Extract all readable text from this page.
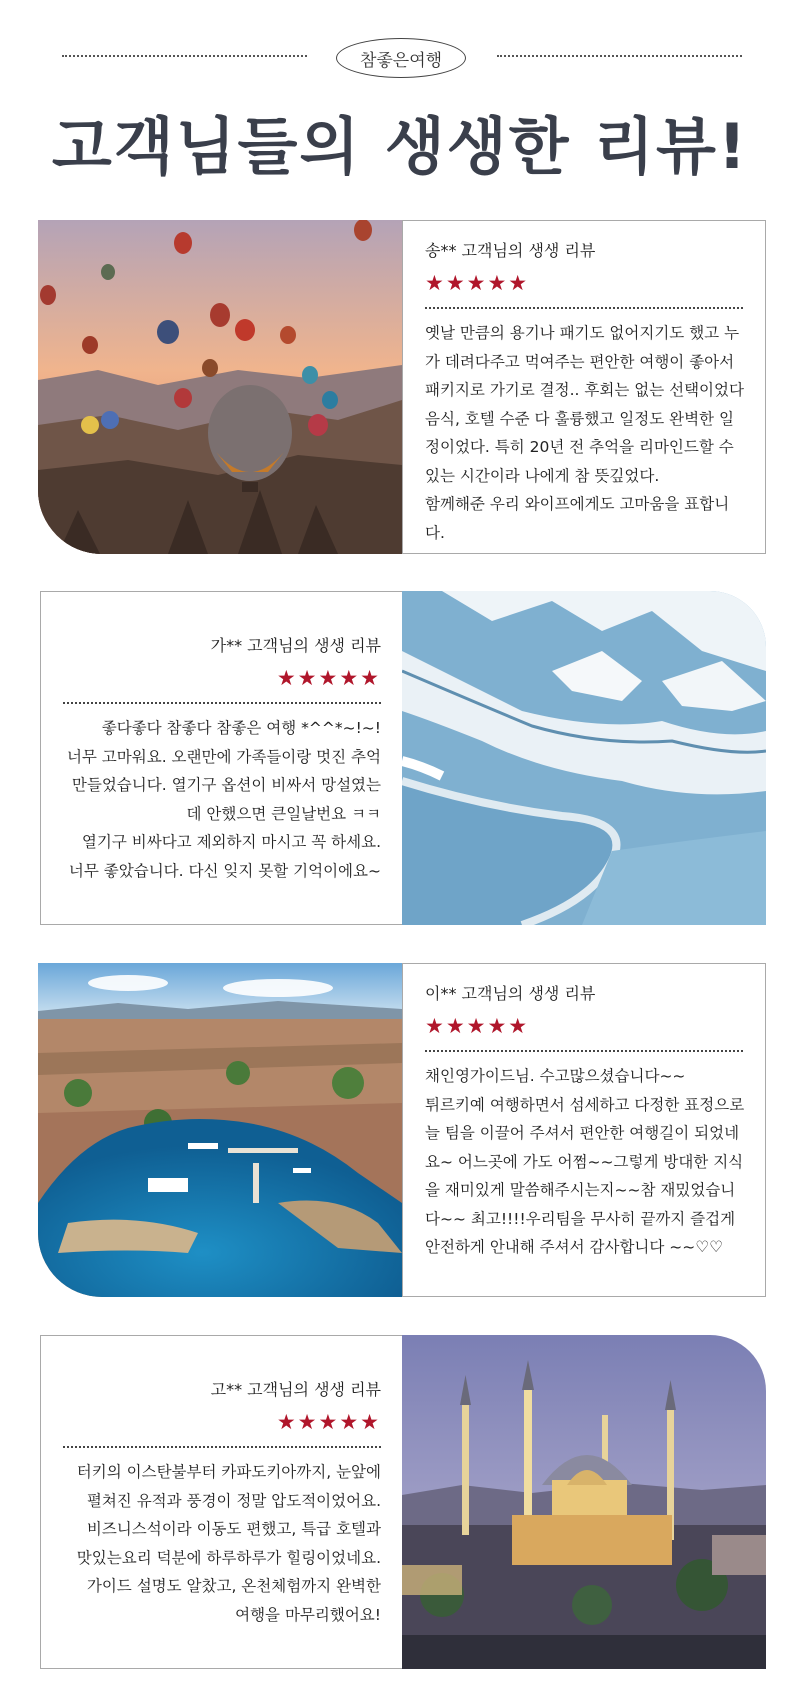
참좋은여행
고객님들의 생생한 리뷰!
송** 고객님의 생생 리뷰
★★★★★
옛날 만큼의 용기나 패기도 없어지기도 했고 누
가 데려다주고 먹여주는 편안한 여행이 좋아서
패키지로 가기로 결정.. 후회는 없는 선택이었다
음식, 호텔 수준 다 훌륭했고 일정도 완벽한 일
정이었다. 특히 20년 전 추억을 리마인드할 수
있는 시간이라 나에게 참 뜻깊었다.
함께해준 우리 와이프에게도 고마움을 표합니
다.
가** 고객님의 생생 리뷰
★★★★★
좋다좋다 참좋다 참좋은 여행 *^^*~!~!
너무 고마워요. 오랜만에 가족들이랑 멋진 추억
만들었습니다. 열기구 옵션이 비싸서 망설였는
데 안했으면 큰일날번요 ㅋㅋ
열기구 비싸다고 제외하지 마시고 꼭 하세요.
너무 좋았습니다. 다신 잊지 못할 기억이에요~
이** 고객님의 생생 리뷰
★★★★★
채인영가이드님. 수고많으셨습니다~~
튀르키예 여행하면서 섬세하고 다정한 표정으로
늘 팀을 이끌어 주셔서 편안한 여행길이 되었네
요~ 어느곳에 가도 어쩜~~그렇게 방대한 지식
을 재미있게 말씀해주시는지~~참 재밌었습니
다~~ 최고!!!!우리팀을 무사히 끝까지 즐겁게
안전하게 안내해 주셔서 감사합니다 ~~♡♡
고** 고객님의 생생 리뷰
★★★★★
터키의 이스탄불부터 카파도키아까지, 눈앞에
펼쳐진 유적과 풍경이 정말 압도적이었어요.
비즈니스석이라 이동도 편했고, 특급 호텔과
맛있는요리 덕분에 하루하루가 힐링이었네요.
가이드 설명도 알찼고, 온천체험까지 완벽한
여행을 마무리했어요!
